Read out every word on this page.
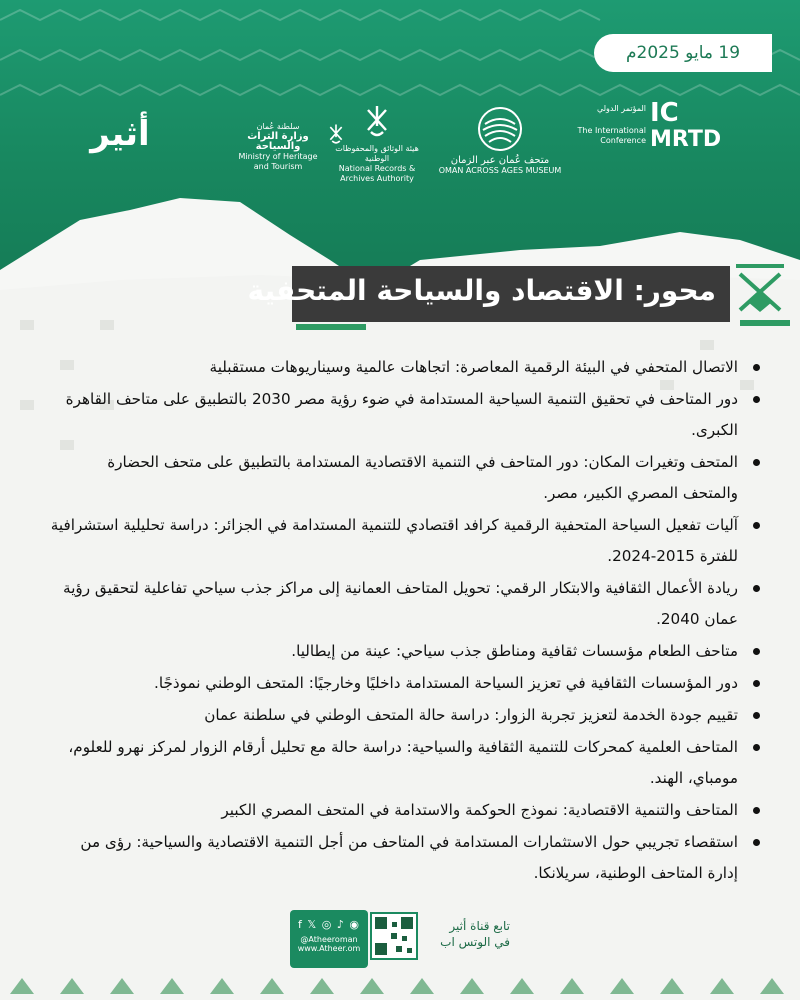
19 مايو 2025م
IC
MRTD
المؤتمر الدولي
The International Conference
متحف عُمان عبر الزمان
OMAN ACROSS AGES MUSEUM
هيئة الوثائق والمحفوظات الوطنية
National Records & Archives Authority
سلطنة عُمان
وزارة التراث والسياحة
Ministry of Heritage and Tourism
أثير
محور: الاقتصاد والسياحة المتحفية
الاتصال المتحفي في البيئة الرقمية المعاصرة: اتجاهات عالمية وسيناريوهات مستقبلية
دور المتاحف في تحقيق التنمية السياحية المستدامة في ضوء رؤية مصر 2030 بالتطبيق على متاحف القاهرة الكبرى.
المتحف وتغيرات المكان: دور المتاحف في التنمية الاقتصادية المستدامة بالتطبيق على متحف الحضارة والمتحف المصري الكبير، مصر.
آليات تفعيل السياحة المتحفية الرقمية كرافد اقتصادي للتنمية المستدامة في الجزائر: دراسة تحليلية استشرافية للفترة 2015-2024.
ريادة الأعمال الثقافية والابتكار الرقمي: تحويل المتاحف العمانية إلى مراكز جذب سياحي تفاعلية لتحقيق رؤية عمان 2040.
متاحف الطعام مؤسسات ثقافية ومناطق جذب سياحي: عينة من إيطاليا.
دور المؤسسات الثقافية في تعزيز السياحة المستدامة داخليًا وخارجيًا: المتحف الوطني نموذجًا.
تقييم جودة الخدمة لتعزيز تجربة الزوار: دراسة حالة المتحف الوطني في سلطنة عمان
المتاحف العلمية كمحركات للتنمية الثقافية والسياحية: دراسة حالة مع تحليل أرقام الزوار لمركز نهرو للعلوم، مومباي، الهند.
المتاحف والتنمية الاقتصادية: نموذج الحوكمة والاستدامة في المتحف المصري الكبير
استقصاء تجريبي حول الاستثمارات المستدامة في المتاحف من أجل التنمية الاقتصادية والسياحية: رؤى من إدارة المتاحف الوطنية، سريلانكا.
f 𝕏 ◎ ♪ ◉
@Atheeroman
www.Atheer.om
تابع قناة أثير
في الوتس اب
